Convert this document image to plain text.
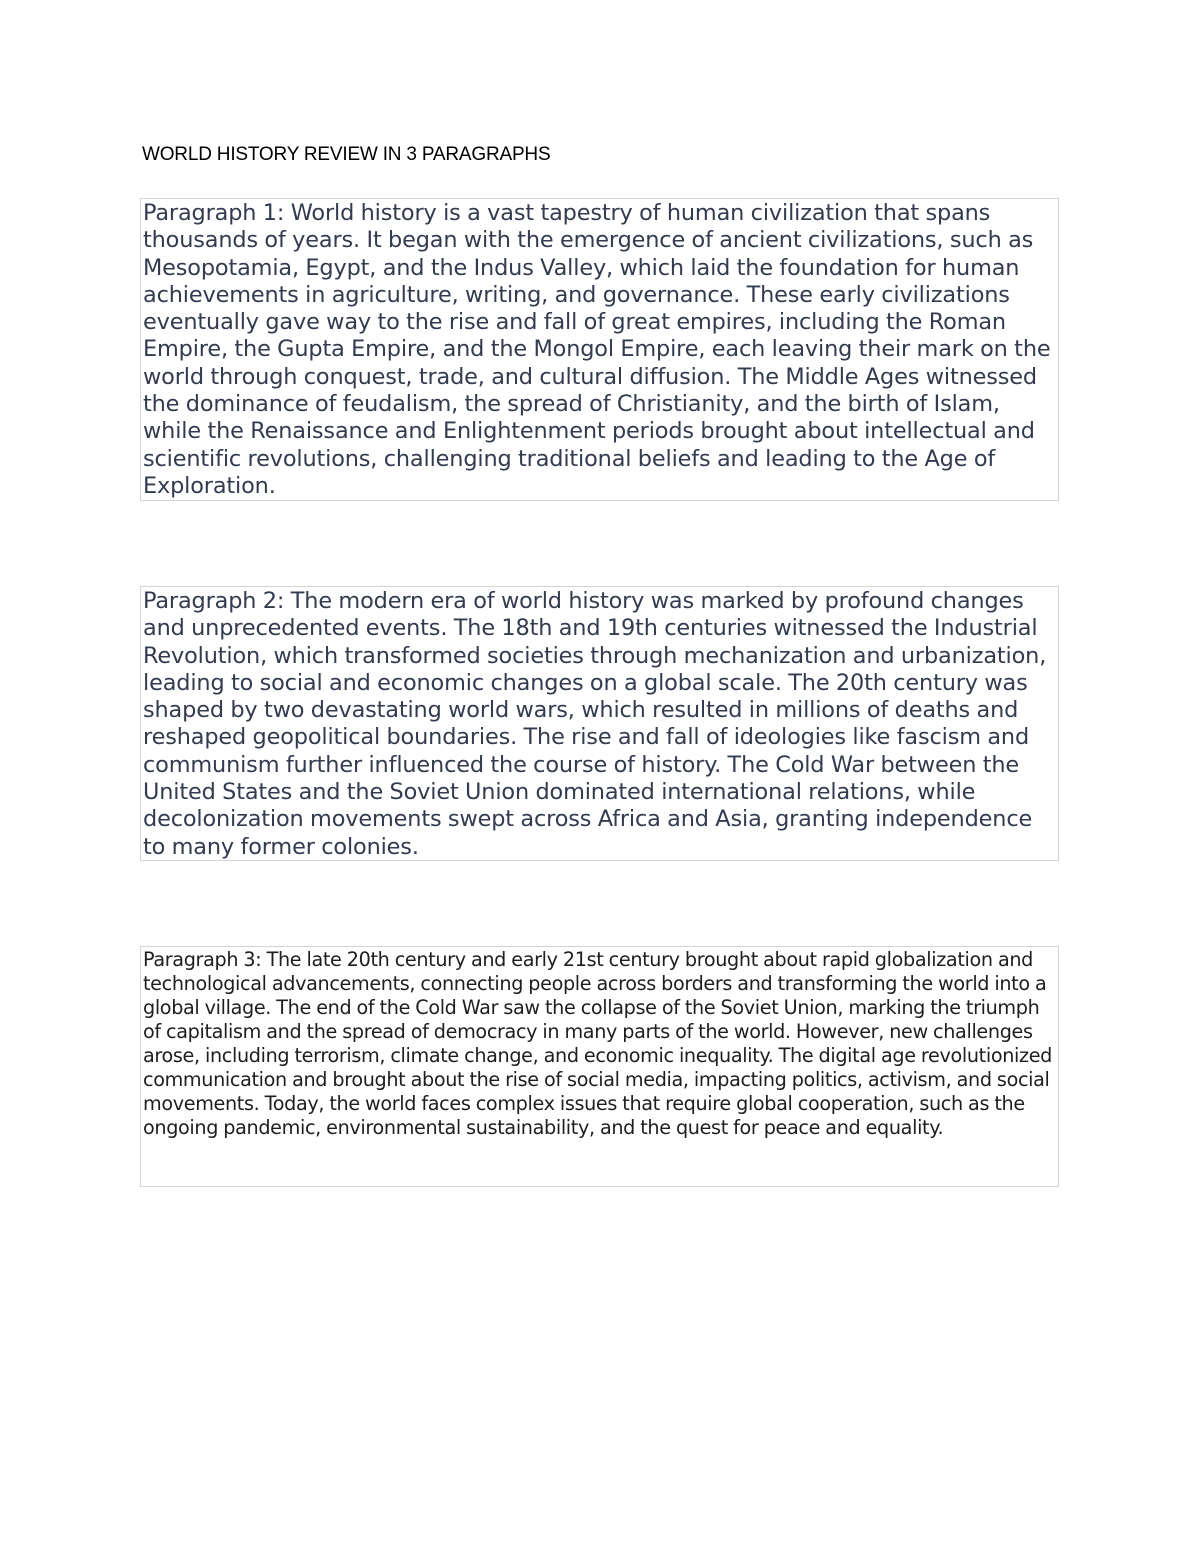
WORLD HISTORY REVIEW IN 3 PARAGRAPHS

Paragraph 1: World history is a vast tapestry of human civilization that spans thousands of years. It began with the emergence of ancient civilizations, such as Mesopotamia, Egypt, and the Indus Valley, which laid the foundation for human achievements in agriculture, writing, and governance. These early civilizations eventually gave way to the rise and fall of great empires, including the Roman Empire, the Gupta Empire, and the Mongol Empire, each leaving their mark on the world through conquest, trade, and cultural diffusion. The Middle Ages witnessed the dominance of feudalism, the spread of Christianity, and the birth of Islam, while the Renaissance and Enlightenment periods brought about intellectual and scientific revolutions, challenging traditional beliefs and leading to the Age of Exploration.

Paragraph 2: The modern era of world history was marked by profound changes and unprecedented events. The 18th and 19th centuries witnessed the Industrial Revolution, which transformed societies through mechanization and urbanization, leading to social and economic changes on a global scale. The 20th century was shaped by two devastating world wars, which resulted in millions of deaths and reshaped geopolitical boundaries. The rise and fall of ideologies like fascism and communism further influenced the course of history. The Cold War between the United States and the Soviet Union dominated international relations, while decolonization movements swept across Africa and Asia, granting independence to many former colonies.

Paragraph 3: The late 20th century and early 21st century brought about rapid globalization and technological advancements, connecting people across borders and transforming the world into a global village. The end of the Cold War saw the collapse of the Soviet Union, marking the triumph of capitalism and the spread of democracy in many parts of the world. However, new challenges arose, including terrorism, climate change, and economic inequality. The digital age revolutionized communication and brought about the rise of social media, impacting politics, activism, and social movements. Today, the world faces complex issues that require global cooperation, such as the ongoing pandemic, environmental sustainability, and the quest for peace and equality.
